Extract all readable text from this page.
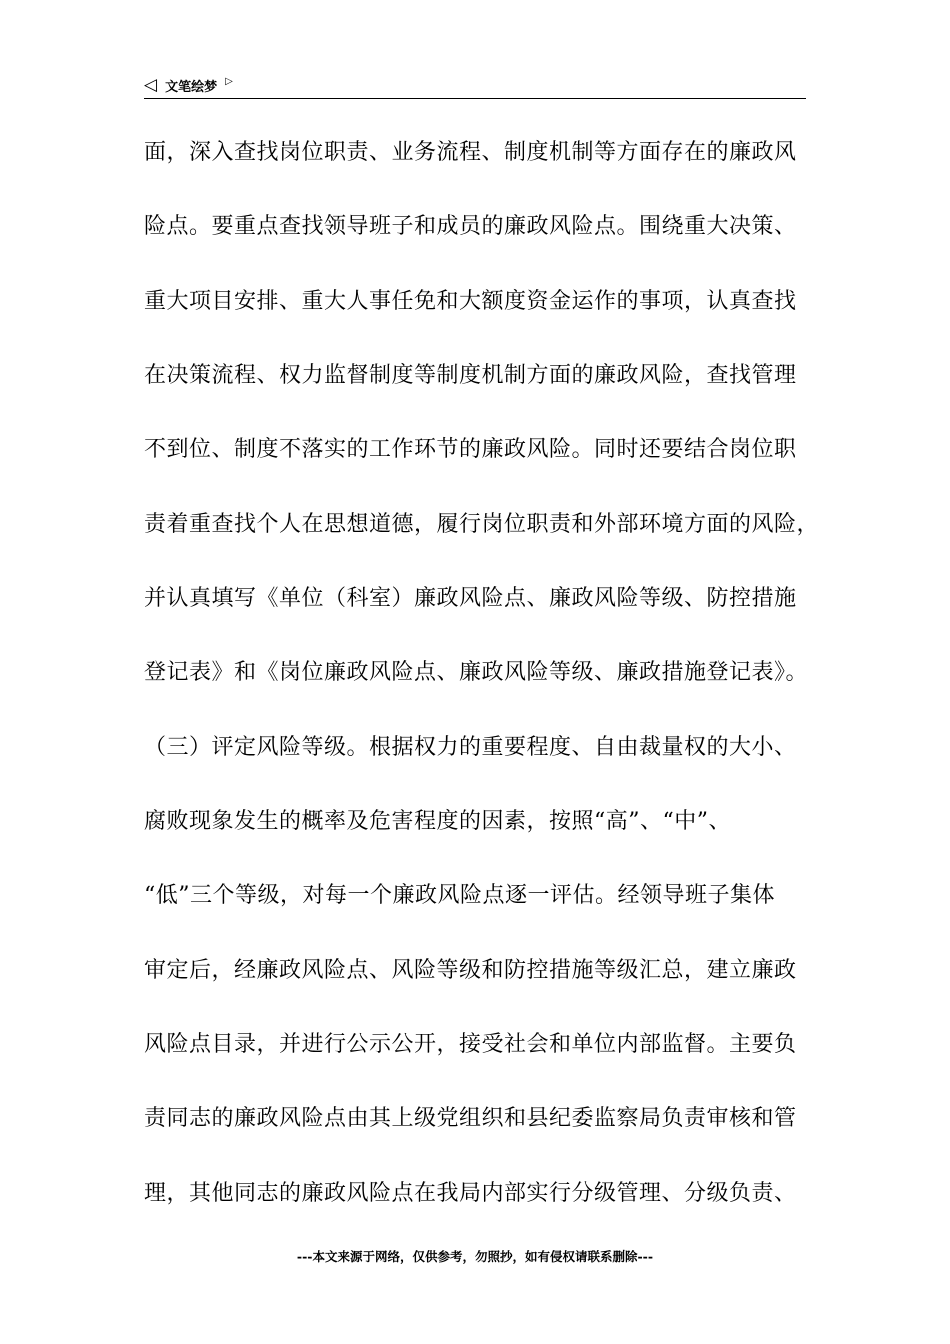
◁ 文笔绘梦 ▷
面，深入查找岗位职责、业务流程、制度机制等方面存在的廉政风
险点。要重点查找领导班子和成员的廉政风险点。围绕重大决策、
重大项目安排、重大人事任免和大额度资金运作的事项，认真查找
在决策流程、权力监督制度等制度机制方面的廉政风险，查找管理
不到位、制度不落实的工作环节的廉政风险。同时还要结合岗位职
责着重查找个人在思想道德，履行岗位职责和外部环境方面的风险，
并认真填写《单位（科室）廉政风险点、廉政风险等级、防控措施
登记表》和《岗位廉政风险点、廉政风险等级、廉政措施登记表》。
（三）评定风险等级。根据权力的重要程度、自由裁量权的大小、
腐败现象发生的概率及危害程度的因素，按照“高”、“中”、
“低”三个等级，对每一个廉政风险点逐一评估。经领导班子集体
审定后，经廉政风险点、风险等级和防控措施等级汇总，建立廉政
风险点目录，并进行公示公开，接受社会和单位内部监督。主要负
责同志的廉政风险点由其上级党组织和县纪委监察局负责审核和管
理，其他同志的廉政风险点在我局内部实行分级管理、分级负责、
---本文来源于网络，仅供参考，勿照抄，如有侵权请联系删除---
